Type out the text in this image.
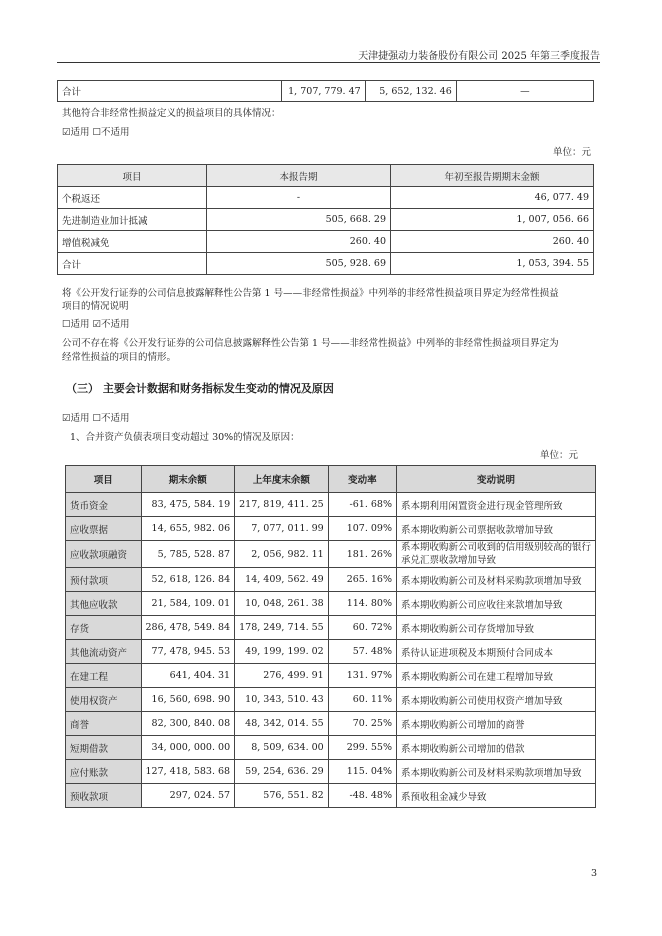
天津捷强动力装备股份有限公司 2025 年第三季度报告
合计	1, 707, 779. 47	5, 652, 132. 46	—
其他符合非经常性损益定义的损益项目的具体情况：
☑适用 ☐不适用
单位：元
项目	本报告期	年初至报告期期末金额
个税返还	-	46, 077. 49
先进制造业加计抵减	505, 668. 29	1, 007, 056. 66
增值税减免	260. 40	260. 40
合计	505, 928. 69	1, 053, 394. 55
将《公开发行证券的公司信息披露解释性公告第 1 号——非经常性损益》中列举的非经常性损益项目界定为经常性损益
项目的情况说明
☐适用 ☑不适用
公司不存在将《公开发行证券的公司信息披露解释性公告第 1 号——非经常性损益》中列举的非经常性损益项目界定为
经常性损益的项目的情形。
（三） 主要会计数据和财务指标发生变动的情况及原因
☑适用 ☐不适用
1、合并资产负债表项目变动超过 30%的情况及原因：
单位：元
项目	期末余额	上年度末余额	变动率	变动说明
货币资金	83, 475, 584. 19	217, 819, 411. 25	-61. 68%	系本期利用闲置资金进行现金管理所致

应收票据	14, 655, 982. 06	7, 077, 011. 99	107. 09%	系本期收购新公司票据收款增加导致

应收款项融资	5, 785, 528. 87	2, 056, 982. 11	181. 26%	系本期收购新公司收到的信用级别较高的银行
承兑汇票收款增加导致

预付款项	52, 618, 126. 84	14, 409, 562. 49	265. 16%	系本期收购新公司及材料采购款项增加导致

其他应收款	21, 584, 109. 01	10, 048, 261. 38	114. 80%	系本期收购新公司应收往来款增加导致

存货	286, 478, 549. 84	178, 249, 714. 55	60. 72%	系本期收购新公司存货增加导致

其他流动资产	77, 478, 945. 53	49, 199, 199. 02	57. 48%	系待认证进项税及本期预付合同成本

在建工程	641, 404. 31	276, 499. 91	131. 97%	系本期收购新公司在建工程增加导致

使用权资产	16, 560, 698. 90	10, 343, 510. 43	60. 11%	系本期收购新公司使用权资产增加导致

商誉	82, 300, 840. 08	48, 342, 014. 55	70. 25%	系本期收购新公司增加的商誉

短期借款	34, 000, 000. 00	8, 509, 634. 00	299. 55%	系本期收购新公司增加的借款

应付账款	127, 418, 583. 68	59, 254, 636. 29	115. 04%	系本期收购新公司及材料采购款项增加导致

预收款项	297, 024. 57	576, 551. 82	-48. 48%	系预收租金减少导致
3
